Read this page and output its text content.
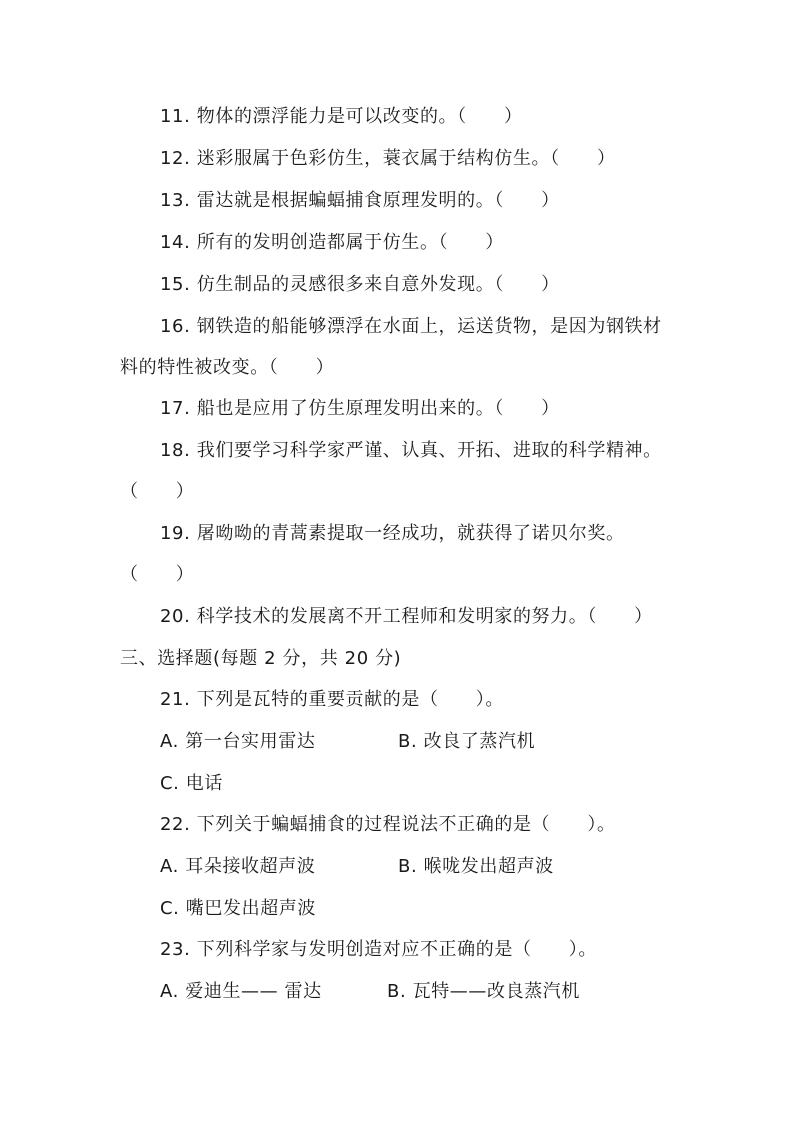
11. 物体的漂浮能力是可以改变的。（　　）
12. 迷彩服属于色彩仿生，蓑衣属于结构仿生。（　　）
13. 雷达就是根据蝙蝠捕食原理发明的。（　　）
14. 所有的发明创造都属于仿生。（　　）
15. 仿生制品的灵感很多来自意外发现。（　　）
16. 钢铁造的船能够漂浮在水面上，运送货物，是因为钢铁材
料的特性被改变。（　　）
17. 船也是应用了仿生原理发明出来的。（　　）
18. 我们要学习科学家严谨、认真、开拓、进取的科学精神。
（　　）
19. 屠呦呦的青蒿素提取一经成功，就获得了诺贝尔奖。
（　　）
20. 科学技术的发展离不开工程师和发明家的努力。（　　）
三、选择题(每题 2 分，共 20 分)
21. 下列是瓦特的重要贡献的是（　　）。
A. 第一台实用雷达	B. 改良了蒸汽机
C. 电话
22. 下列关于蝙蝠捕食的过程说法不正确的是（　　）。
A. 耳朵接收超声波	B. 喉咙发出超声波
C. 嘴巴发出超声波
23. 下列科学家与发明创造对应不正确的是（　　）。
A. 爱迪生—— 雷达	B. 瓦特——改良蒸汽机
